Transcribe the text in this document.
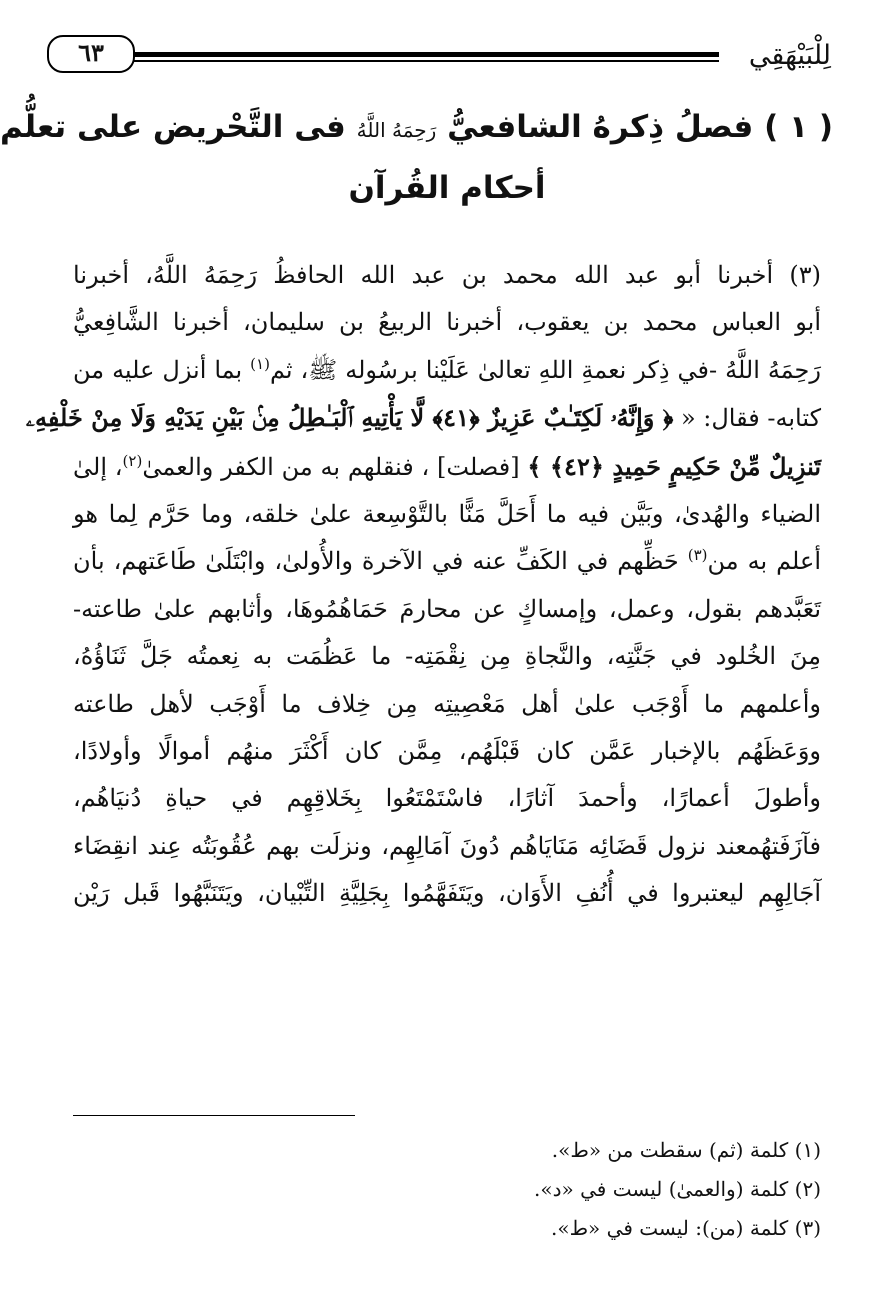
لِلْبَيْهَقِي
٦٣
( ١ ) فصلُ ذِكرهُ الشافعيُّ رَحِمَهُ اللَّهُ فى التَّحْريض على تعلُّم
أحكام القُرآن
(٣) أخبرنا أبو عبد الله محمد بن عبد الله الحافظُ رَحِمَهُ اللَّهُ، أخبرنا
أبو العباس محمد بن يعقوب، أخبرنا الربيعُ بن سليمان، أخبرنا الشَّافِعيُّ
رَحِمَهُ اللَّهُ -في ذِكر نعمةِ اللهِ تعالىٰ عَلَيْنا برسُوله ﷺ، ثم$^{(١)}$ بما أنزل عليه من
كتابه- فقال: « ﴿ وَإِنَّهُۥ لَكِتَـٰبٌ عَزِيزٌ ﴿٤١﴾ لَّا يَأْتِيهِ ٱلْبَـٰطِلُ مِنۢ بَيْنِ يَدَيْهِ وَلَا مِنْ خَلْفِهِۦ
تَنزِيلٌ مِّنْ حَكِيمٍ حَمِيدٍ ﴿٤٢﴾ ﴾ [فصلت] ، فنقلهم به من الكفر والعمىٰ$^{(٢)}$، إلىٰ
الضياء والهُدىٰ، وبَيَّن فيه ما أَحَلَّ مَنًّا بالتَّوْسِعة علىٰ خلقه، وما حَرَّم لِما هو
أعلم به من$^{(٣)}$ حَظِّهم في الكَفِّ عنه في الآخرة والأُولىٰ، وابْتَلَىٰ طَاعَتهم، بأن
تَعَبَّدهم بقول، وعمل، وإمساكٍ عن محارمَ حَمَاهُمُوهَا، وأثابهم علىٰ طاعته-
مِنَ الخُلود في جَنَّتِه، والنَّجاةِ مِن نِقْمَتِه- ما عَظُمَت به نِعمتُه جَلَّ ثَنَاؤُهُ،
وأعلمهم ما أَوْجَب علىٰ أهل مَعْصِيتِه مِن خِلاف ما أَوْجَب لأهل طاعته
ووَعَظَهُم بالإخبار عَمَّن كان قَبْلَهُم، مِمَّن كان أَكْثَرَ منهُم أموالًا وأولادًا،
وأطولَ أعمارًا، وأحمدَ آثارًا، فاسْتَمْتَعُوا بِخَلاقِهِم في حياةِ دُنيَاهُم،
فآزَفَتهُمعند نزول قَضَائِه مَنَايَاهُم دُونَ آمَالِهِم، ونزلَت بهم عُقُوبَتُه عِند انقِضَاء
آجَالِهِم ليعتبروا في أُنُفِ الأَوَان، ويَتَفَهَّمُوا بِجَلِيَّةِ التِّبْيان، ويَتَنَبَّهُوا قَبل رَيْن
(١) كلمة (ثم) سقطت من «ط».
(٢) كلمة (والعمىٰ) ليست في «د».
(٣) كلمة (من): ليست في «ط».
